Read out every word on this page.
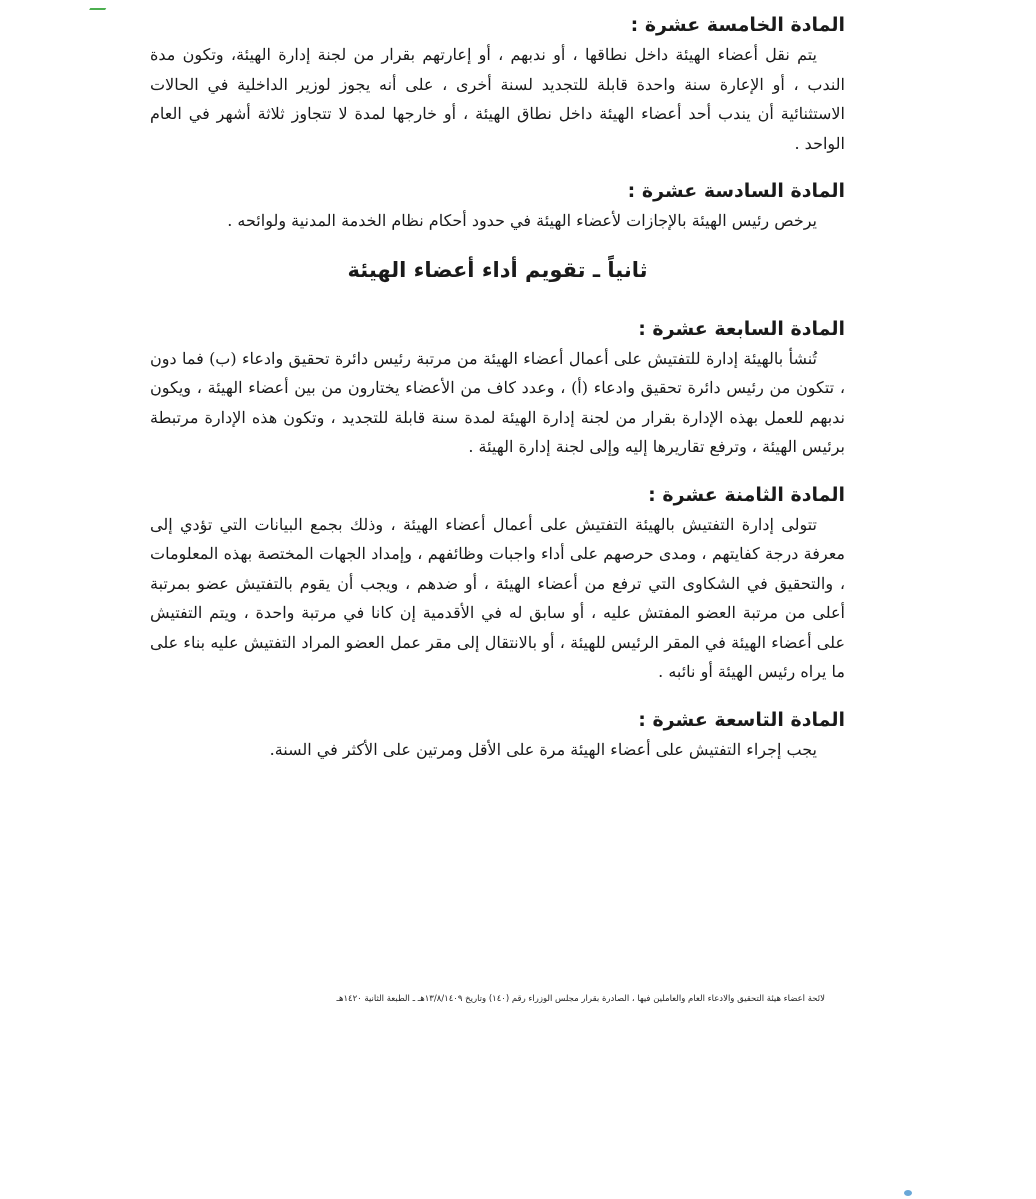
المادة الخامسة عشرة :

يتم نقل أعضاء الهيئة داخل نطاقها ، أو ندبهم ، أو إعارتهم بقرار من لجنة إدارة الهيئة، وتكون مدة الندب ، أو الإعارة سنة واحدة قابلة للتجديد لسنة أخرى ، على أنه يجوز لوزير الداخلية في الحالات الاستثنائية أن يندب أحد أعضاء الهيئة داخل نطاق الهيئة ، أو خارجها لمدة لا تتجاوز ثلاثة أشهر في العام الواحد .

المادة السادسة عشرة :

يرخص رئيس الهيئة بالإجازات لأعضاء الهيئة في حدود أحكام نظام الخدمة المدنية ولوائحه .

ثانياً ـ تقويم أداء أعضاء الهيئة
المادة السابعة عشرة :

تُنشأ بالهيئة إدارة للتفتيش على أعمال أعضاء الهيئة من مرتبة رئيس دائرة تحقيق وادعاء (ب) فما دون ، تتكون من رئيس دائرة تحقيق وادعاء (أ) ، وعدد كاف من الأعضاء يختارون من بين أعضاء الهيئة ، ويكون ندبهم للعمل بهذه الإدارة بقرار من لجنة إدارة الهيئة لمدة سنة قابلة للتجديد ، وتكون هذه الإدارة مرتبطة برئيس الهيئة ، وترفع تقاريرها إليه وإلى لجنة إدارة الهيئة .

المادة الثامنة عشرة :

تتولى إدارة التفتيش بالهيئة التفتيش على أعمال أعضاء الهيئة ، وذلك بجمع البيانات التي تؤدي إلى معرفة درجة كفايتهم ، ومدى حرصهم على أداء واجبات وظائفهم ، وإمداد الجهات المختصة بهذه المعلومات ، والتحقيق في الشكاوى التي ترفع من أعضاء الهيئة ، أو ضدهم ، ويجب أن يقوم بالتفتيش عضو بمرتبة أعلى من مرتبة العضو المفتش عليه ، أو سابق له في الأقدمية إن كانا في مرتبة واحدة ، ويتم التفتيش على أعضاء الهيئة في المقر الرئيس للهيئة ، أو بالانتقال إلى مقر عمل العضو المراد التفتيش عليه بناء على ما يراه رئيس الهيئة أو نائبه .

المادة التاسعة عشرة :

يجب إجراء التفتيش على أعضاء الهيئة مرة على الأقل ومرتين على الأكثر في السنة.

لائحة أعضاء هيئة التحقيق والادعاء العام والعاملين فيها ، الصادرة بقرار مجلس الوزراء رقم (١٤٠) وتاريخ ١٣/٨/١٤٠٩هـ ـ الطبعة الثانية ١٤٢٠هـ
